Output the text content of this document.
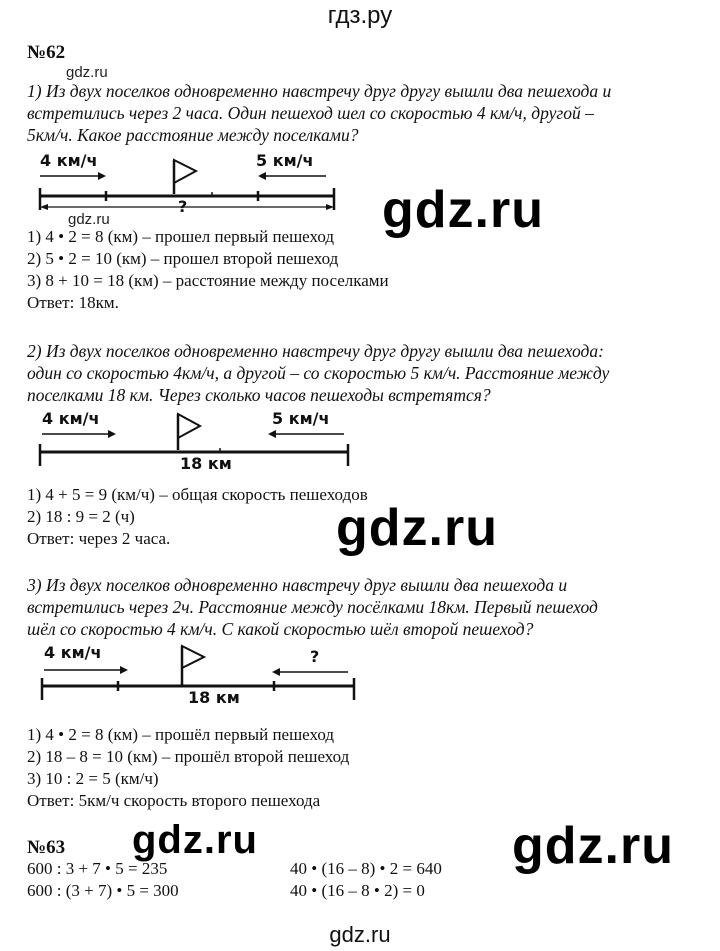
гдз.ру
№62
gdz.ru
1) Из двух поселков одновременно навстречу друг другу вышли два пешехода и
встретились через 2 часа. Один пешеход шел со скоростью 4 км/ч, другой –
5км/ч. Какое расстояние между поселками?
4 км/ч	5 км/ч
?
gdz.ru	gdz.ru
1) 4 • 2 = 8 (км) – прошел первый пешеход
2) 5 • 2 = 10 (км) – прошел второй пешеход
3) 8 + 10 = 18 (км) – расстояние между поселками
Ответ: 18км.
2) Из двух поселков одновременно навстречу друг другу вышли два пешехода:
один со скоростью 4км/ч, а другой – со скоростью 5 км/ч. Расстояние между
поселками 18 км. Через сколько часов пешеходы встретятся?
4 км/ч	5 км/ч
18 км
1) 4 + 5 = 9 (км/ч) – общая скорость пешеходов
2) 18 : 9 = 2 (ч)
Ответ: через 2 часа.	gdz.ru
3) Из двух поселков одновременно навстречу друг вышли два пешехода и
встретились через 2ч. Расстояние между посёлками 18км. Первый пешеход
шёл со скоростью 4 км/ч. С какой скоростью шёл второй пешеход?
4 км/ч	?
18 км
1) 4 • 2 = 8 (км) – прошёл первый пешеход
2) 18 – 8 = 10 (км) – прошёл второй пешеход
3) 10 : 2 = 5 (км/ч)
Ответ: 5км/ч скорость второго пешехода
№63 gdz.ru	gdz.ru
600 : 3 + 7 • 5 = 235
600 : (3 + 7) • 5 = 300
40 • (16 – 8) • 2 = 640
40 • (16 – 8 • 2) = 0
gdz.ru
